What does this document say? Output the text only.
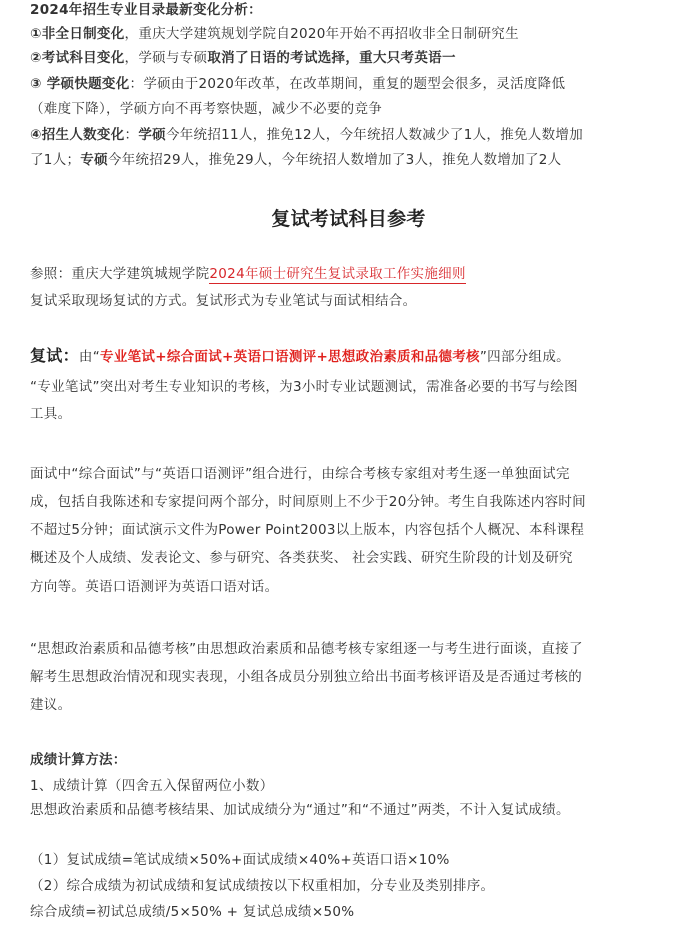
2024年招生专业目录最新变化分析：
①非全日制变化，重庆大学建筑规划学院自2020年开始不再招收非全日制研究生
②考试科目变化，学硕与专硕取消了日语的考试选择，重大只考英语一
③ 学硕快题变化：学硕由于2020年改革，在改革期间，重复的题型会很多，灵活度降低
（难度下降），学硕方向不再考察快题，减少不必要的竞争
④招生人数变化：学硕今年统招11人，推免12人，今年统招人数减少了1人，推免人数增加
了1人；专硕今年统招29人，推免29人，今年统招人数增加了3人，推免人数增加了2人
复试考试科目参考
参照：重庆大学建筑城规学院2024年硕士研究生复试录取工作实施细则
复试采取现场复试的方式。复试形式为专业笔试与面试相结合。
复试：由“专业笔试+综合面试+英语口语测评+思想政治素质和品德考核”四部分组成。
“专业笔试”突出对考生专业知识的考核，为3小时专业试题测试，需准备必要的书写与绘图
工具。
面试中“综合面试”与“英语口语测评”组合进行，由综合考核专家组对考生逐一单独面试完
成，包括自我陈述和专家提问两个部分，时间原则上不少于20分钟。考生自我陈述内容时间
不超过5分钟；面试演示文件为Power Point2003以上版本，内容包括个人概况、本科课程
概述及个人成绩、发表论文、参与研究、各类获奖、 社会实践、研究生阶段的计划及研究
方向等。英语口语测评为英语口语对话。
“思想政治素质和品德考核”由思想政治素质和品德考核专家组逐一与考生进行面谈，直接了
解考生思想政治情况和现实表现，小组各成员分别独立给出书面考核评语及是否通过考核的
建议。
成绩计算方法：
1、成绩计算（四舍五入保留两位小数）
思想政治素质和品德考核结果、加试成绩分为“通过”和“不通过”两类，不计入复试成绩。
（1）复试成绩=笔试成绩×50%+面试成绩×40%+英语口语×10%
（2）综合成绩为初试成绩和复试成绩按以下权重相加，分专业及类别排序。
综合成绩=初试总成绩/5×50% + 复试总成绩×50%
